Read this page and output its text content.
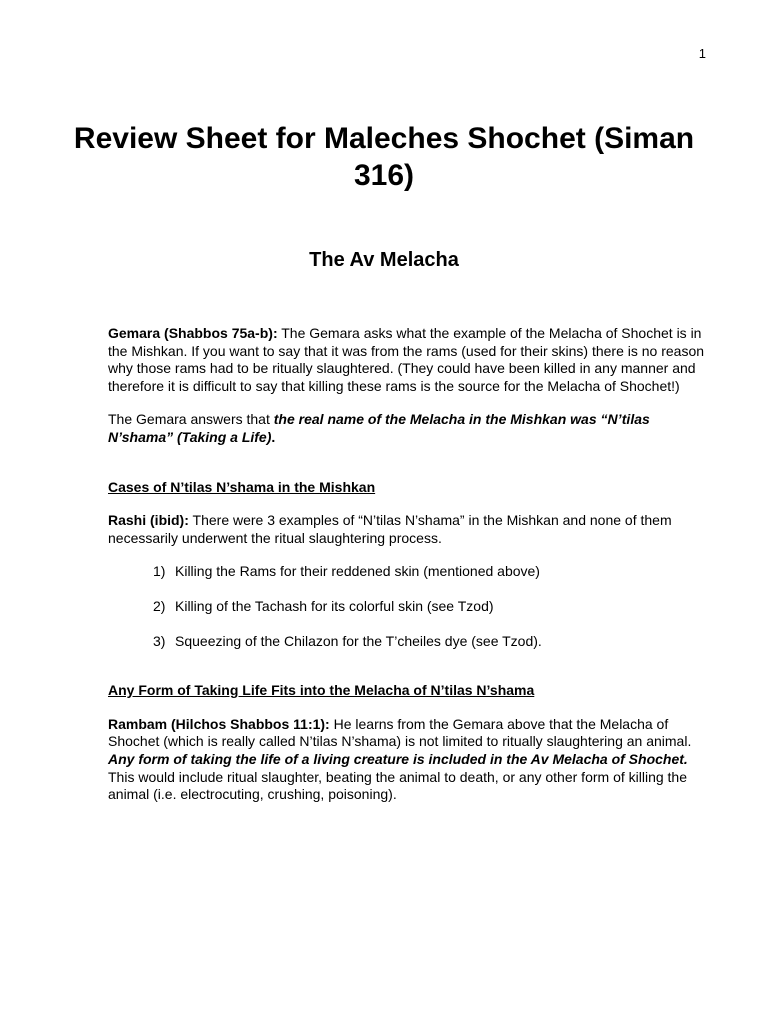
1
Review Sheet for Maleches Shochet (Siman 316)
The Av Melacha

Gemara (Shabbos 75a-b): The Gemara asks what the example of the Melacha of Shochet is in the Mishkan. If you want to say that it was from the rams (used for their skins) there is no reason why those rams had to be ritually slaughtered. (They could have been killed in any manner and therefore it is difficult to say that killing these rams is the source for the Melacha of Shochet!)

The Gemara answers that the real name of the Melacha in the Mishkan was “N’tilas N’shama” (Taking a Life).

Cases of N’tilas N’shama in the Mishkan

Rashi (ibid): There were 3 examples of “N’tilas N’shama” in the Mishkan and none of them necessarily underwent the ritual slaughtering process.

1) Killing the Rams for their reddened skin (mentioned above)
2) Killing of the Tachash for its colorful skin (see Tzod)
3) Squeezing of the Chilazon for the T’cheiles dye (see Tzod).

Any Form of Taking Life Fits into the Melacha of N’tilas N’shama

Rambam (Hilchos Shabbos 11:1): He learns from the Gemara above that the Melacha of Shochet (which is really called N’tilas N’shama) is not limited to ritually slaughtering an animal. Any form of taking the life of a living creature is included in the Av Melacha of Shochet. This would include ritual slaughter, beating the animal to death, or any other form of killing the animal (i.e. electrocuting, crushing, poisoning).
